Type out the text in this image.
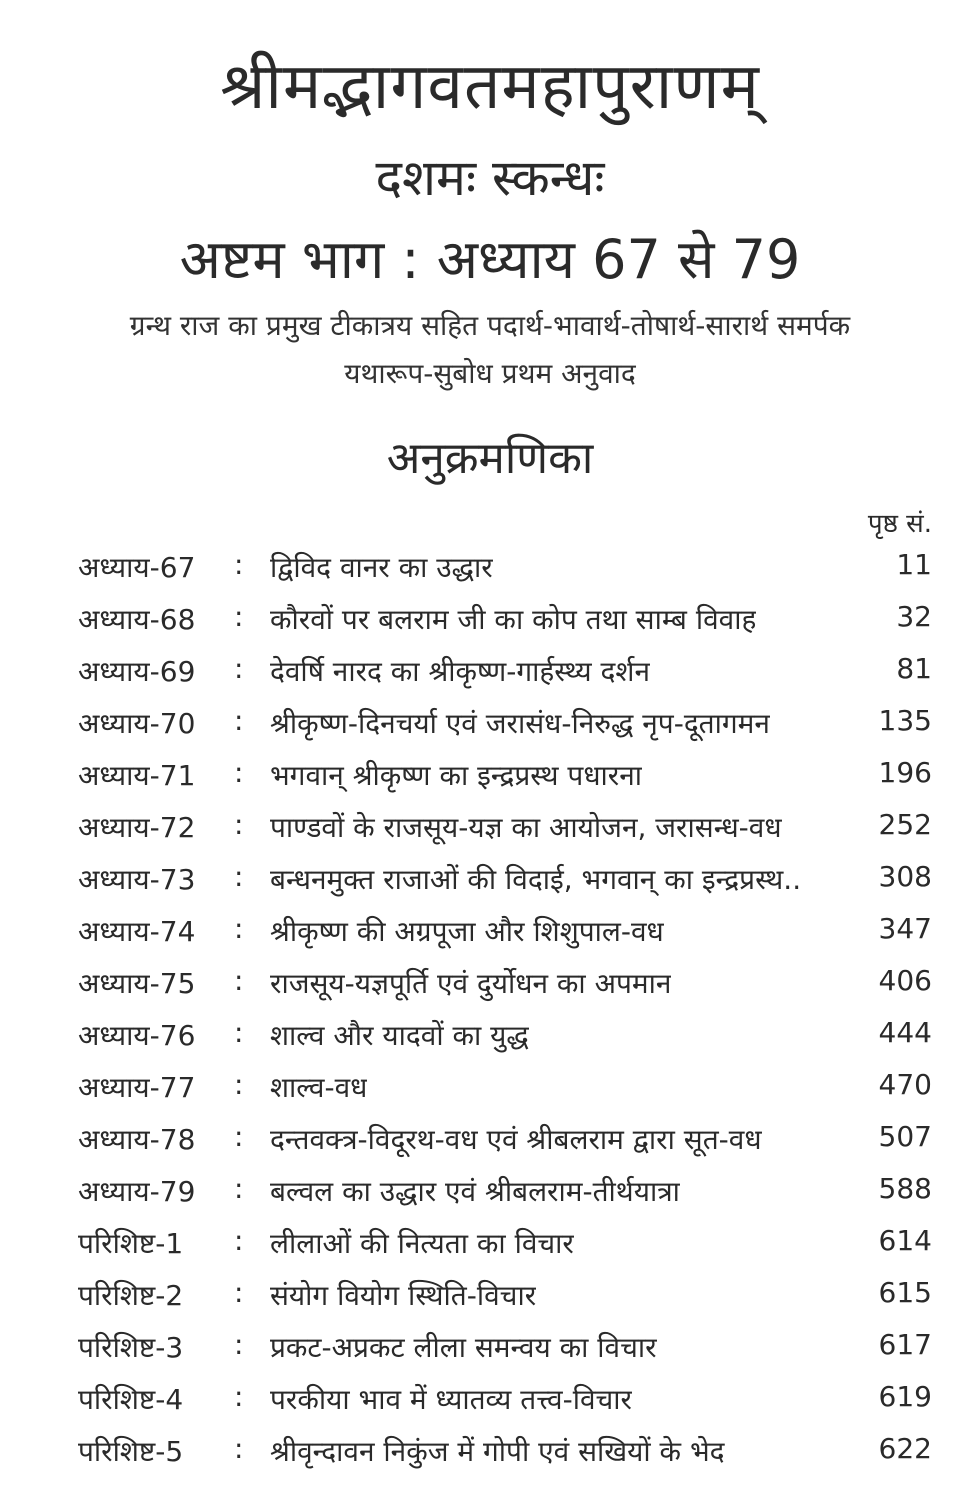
श्रीमद्भागवतमहापुराणम्
दशमः स्कन्धः
अष्टम भाग : अध्याय 67 से 79
ग्रन्थ राज का प्रमुख टीकात्रय सहित पदार्थ-भावार्थ-तोषार्थ-सारार्थ समर्पक
यथारूप-सुबोध प्रथम अनुवाद
अनुक्रमणिका
पृष्ठ सं.
अध्याय-67 : द्विविद वानर का उद्धार	11
अध्याय-68 : कौरवों पर बलराम जी का कोप तथा साम्ब विवाह	32
अध्याय-69 : देवर्षि नारद का श्रीकृष्ण-गार्हस्थ्य दर्शन	81
अध्याय-70 : श्रीकृष्ण-दिनचर्या एवं जरासंध-निरुद्ध नृप-दूतागमन	135
अध्याय-71 : भगवान् श्रीकृष्ण का इन्द्रप्रस्थ पधारना	196
अध्याय-72 : पाण्डवों के राजसूय-यज्ञ का आयोजन, जरासन्ध-वध	252
अध्याय-73 : बन्धनमुक्त राजाओं की विदाई, भगवान् का इन्द्रप्रस्थ..	308
अध्याय-74 : श्रीकृष्ण की अग्रपूजा और शिशुपाल-वध	347
अध्याय-75 : राजसूय-यज्ञपूर्ति एवं दुर्योधन का अपमान	406
अध्याय-76 : शाल्व और यादवों का युद्ध	444
अध्याय-77 : शाल्व-वध	470
अध्याय-78 : दन्तवक्त्र-विदूरथ-वध एवं श्रीबलराम द्वारा सूत-वध	507
अध्याय-79 : बल्वल का उद्धार एवं श्रीबलराम-तीर्थयात्रा	588
परिशिष्ट-1 : लीलाओं की नित्यता का विचार	614
परिशिष्ट-2 : संयोग वियोग स्थिति-विचार	615
परिशिष्ट-3 : प्रकट-अप्रकट लीला समन्वय का विचार	617
परिशिष्ट-4 : परकीया भाव में ध्यातव्य तत्त्व-विचार	619
परिशिष्ट-5 : श्रीवृन्दावन निकुंज में गोपी एवं सखियों के भेद	622
